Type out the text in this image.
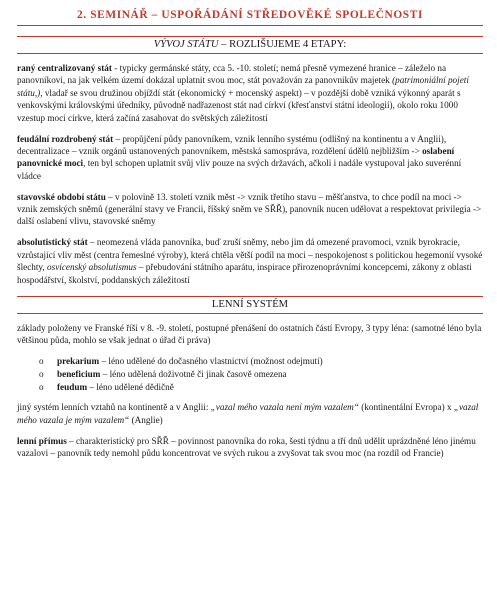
2. SEMINÁŘ – USPOŘÁDÁNÍ STŘEDOVĚKÉ SPOLEČNOSTI
VÝVOJ STÁTU – ROZLIŠUJEME 4 ETAPY:

raný centralizovaný stát - typicky germánské státy, cca 5. -10. století; nemá přesně vymezené hranice – záleželo na panovníkovi, na jak velkém území dokázal uplatnit svou moc, stát považován za panovníkův majetek (patrimoniální pojetí státu,), vladař se svou družinou objíždí stát (ekonomický + mocenský aspekt) – v pozdější době vzniká výkonný aparát s venkovskými královskými úředníky, původně nadřazenost stát nad církví (křesťanství státní ideologií), okolo roku 1000 vzestup moci církve, která začíná zasahovat do světských záležitostí

feudální rozdrobený stát – propůjčení půdy panovníkem, vznik lenního systému (odlišný na kontinentu a v Anglii), decentralizace – vznik orgánů ustanovených panovníkem, městská samospráva, rozdělení údělů nejbližším -> oslabení panovnické moci, ten byl schopen uplatnit svůj vliv pouze na svých državách, ačkoli i nadále vystupoval jako suverénní vládce

stavovské období státu – v polovině 13. století vznik měst -> vznik třetího stavu – měšťanstva, to chce podíl na moci -> vznik zemských sněmů (generální stavy ve Francii, říšský sněm ve SŘŘ), panovník nucen udělovat a respektovat privilegia -> další oslabení vlivu, stavovské sněmy

absolutistický stát – neomezená vláda panovníka, buď zruší sněmy, nebo jim dá omezené pravomoci, vznik byrokracie, vzrůstající vliv měst (centra řemeslné výroby), která chtěla větší podíl na moci – nespokojenost s politickou hegemonií vysoké šlechty, osvícenský absolutismus – přebudování státního aparátu, inspirace přirozenoprávními koncepcemi, zákony z oblasti hospodářství, školství, poddanských záležitostí

LENNÍ SYSTÉM

základy položeny ve Franské říši v 8. -9. století, postupné přenášení do ostatních částí Evropy, 3 typy léna: (samotné léno byla většinou půda, mohlo se však jednat o úřad či práva)

o prekarium – léno udělené do dočasného vlastnictví (možnost odejmutí)
o beneficium – léno udělená doživotně či jinak časově omezena
o feudum – léno udělené dědičně

jiný systém lenních vztahů na kontinentě a v Anglii: „vazal mého vazala není mým vazalem“ (kontinentální Evropa) x „vazal mého vazala je mým vazalem“ (Anglie)

lenní přímus – charakteristický pro SŘŘ – povinnost panovníka do roka, šesti týdnu a tří dnů udělit uprázdněné léno jinému vazalovi – panovník tedy nemohl půdu koncentrovat ve svých rukou a zvyšovat tak svou moc (na rozdíl od Francie)
